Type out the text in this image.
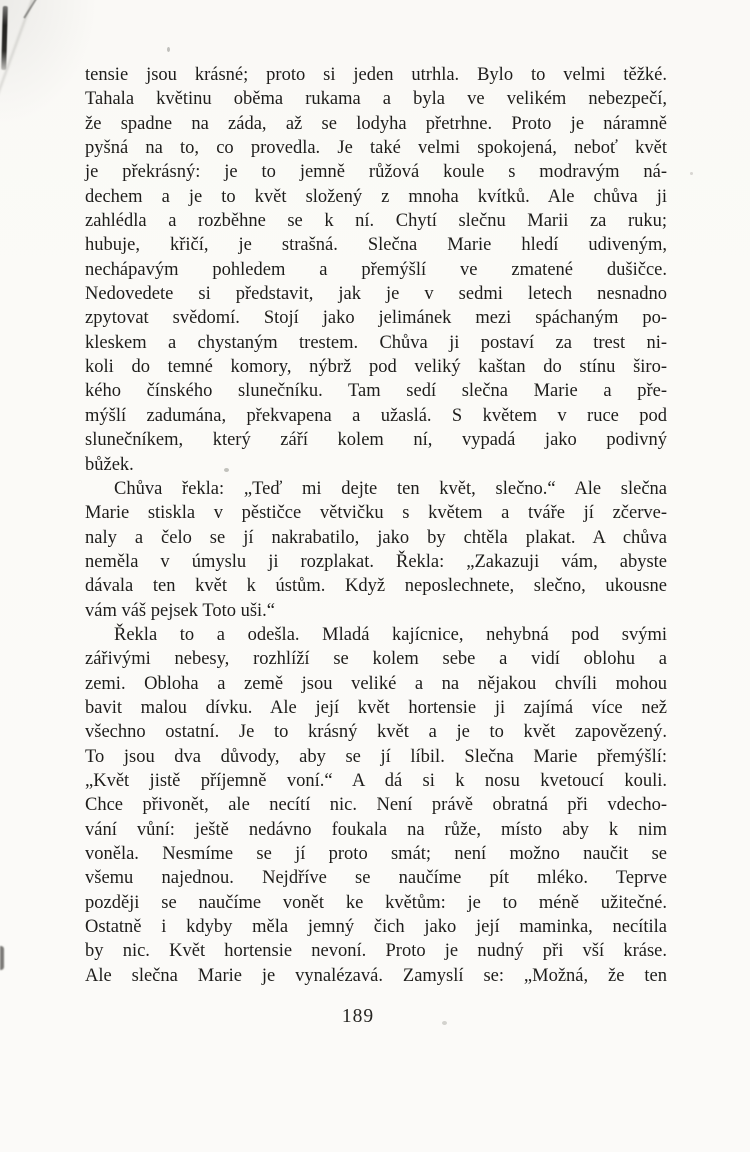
tensie jsou krásné; proto si jeden utrhla. Bylo to velmi těžké.
Tahala květinu oběma rukama a byla ve velikém nebezpečí,
že spadne na záda, až se lodyha přetrhne. Proto je náramně
pyšná na to, co provedla. Je také velmi spokojená, neboť květ
je překrásný: je to jemně růžová koule s modravým ná-
dechem a je to květ složený z mnoha kvítků. Ale chůva ji
zahlédla a rozběhne se k ní. Chytí slečnu Marii za ruku;
hubuje, křičí, je strašná. Slečna Marie hledí udiveným,
nechápavým pohledem a přemýšlí ve zmatené dušičce.
Nedovedete si představit, jak je v sedmi letech nesnadno
zpytovat svědomí. Stojí jako jelimánek mezi spáchaným po-
kleskem a chystaným trestem. Chůva ji postaví za trest ni-
koli do temné komory, nýbrž pod veliký kaštan do stínu širo-
kého čínského slunečníku. Tam sedí slečna Marie a pře-
mýšlí zadumána, překvapena a užaslá. S květem v ruce pod
slunečníkem, který září kolem ní, vypadá jako podivný
bůžek.
Chůva řekla: „Teď mi dejte ten květ, slečno.“ Ale slečna
Marie stiskla v pěstičce větvičku s květem a tváře jí zčerve-
naly a čelo se jí nakrabatilo, jako by chtěla plakat. A chůva
neměla v úmyslu ji rozplakat. Řekla: „Zakazuji vám, abyste
dávala ten květ k ústům. Když neposlechnete, slečno, ukousne
vám váš pejsek Toto uši.“
Řekla to a odešla. Mladá kajícnice, nehybná pod svými
zářivými nebesy, rozhlíží se kolem sebe a vidí oblohu a
zemi. Obloha a země jsou veliké a na nějakou chvíli mohou
bavit malou dívku. Ale její květ hortensie ji zajímá více než
všechno ostatní. Je to krásný květ a je to květ zapovězený.
To jsou dva důvody, aby se jí líbil. Slečna Marie přemýšlí:
„Květ jistě příjemně voní.“ A dá si k nosu kvetoucí kouli.
Chce přivonět, ale necítí nic. Není právě obratná při vdecho-
vání vůní: ještě nedávno foukala na růže, místo aby k nim
voněla. Nesmíme se jí proto smát; není možno naučit se
všemu najednou. Nejdříve se naučíme pít mléko. Teprve
později se naučíme vonět ke květům: je to méně užitečné.
Ostatně i kdyby měla jemný čich jako její maminka, necítila
by nic. Květ hortensie nevoní. Proto je nudný při vší kráse.
Ale slečna Marie je vynalézavá. Zamyslí se: „Možná, že ten
189
